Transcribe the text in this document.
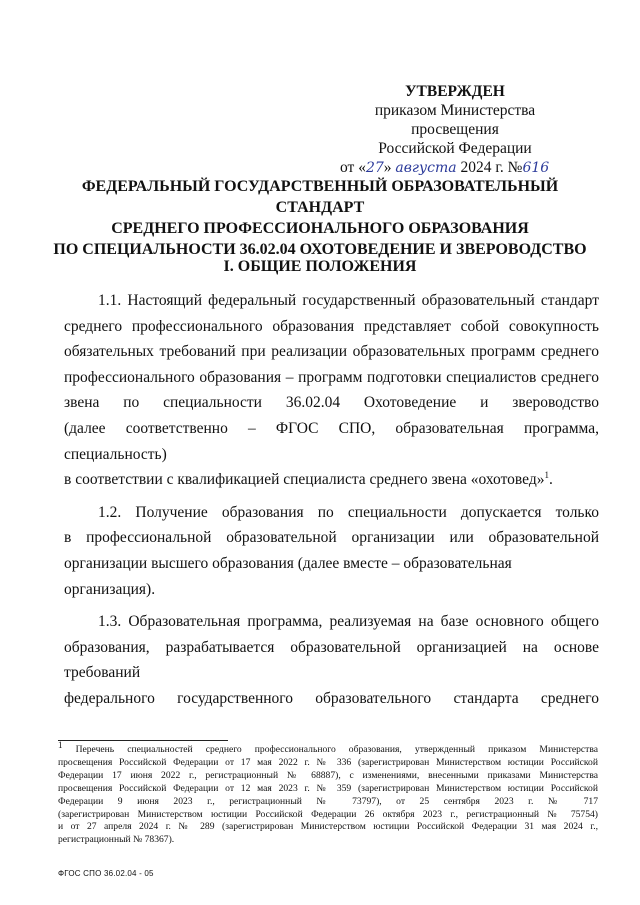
УТВЕРЖДЕН
приказом Министерства просвещения
Российской Федерации
от «27» августа 2024 г. №616
ФЕДЕРАЛЬНЫЙ ГОСУДАРСТВЕННЫЙ ОБРАЗОВАТЕЛЬНЫЙ СТАНДАРТ
СРЕДНЕГО ПРОФЕССИОНАЛЬНОГО ОБРАЗОВАНИЯ
ПО СПЕЦИАЛЬНОСТИ 36.02.04 ОХОТОВЕДЕНИЕ И ЗВЕРОВОДСТВО
I. ОБЩИЕ ПОЛОЖЕНИЯ
1.1. Настоящий федеральный государственный образовательный стандарт
среднего профессионального образования представляет собой совокупность
обязательных требований при реализации образовательных программ среднего
профессионального образования – программ подготовки специалистов среднего
звена по специальности 36.02.04 Охотоведение и звероводство
(далее соответственно – ФГОС СПО, образовательная программа, специальность)
в соответствии с квалификацией специалиста среднего звена «охотовед»$^1$.
1.2. Получение образования по специальности допускается только
в профессиональной образовательной организации или образовательной
организации высшего образования (далее вместе – образовательная организация).
1.3. Образовательная программа, реализуемая на базе основного общего
образования, разрабатывается образовательной организацией на основе требований
федерального государственного образовательного стандарта среднего
$^1$ Перечень специальностей среднего профессионального образования, утвержденный приказом Министерства
просвещения Российской Федерации от 17 мая 2022 г. № 336 (зарегистрирован Министерством юстиции Российской
Федерации 17 июня 2022 г., регистрационный № 68887), с изменениями, внесенными приказами Министерства
просвещения Российской Федерации от 12 мая 2023 г. № 359 (зарегистрирован Министерством юстиции Российской
Федерации 9 июня 2023 г., регистрационный № 73797), от 25 сентября 2023 г. № 717
(зарегистрирован Министерством юстиции Российской Федерации 26 октября 2023 г., регистрационный № 75754)
и от 27 апреля 2024 г. № 289 (зарегистрирован Министерством юстиции Российской Федерации 31 мая 2024 г.,
регистрационный № 78367).
ФГОС СПО 36.02.04 - 05
